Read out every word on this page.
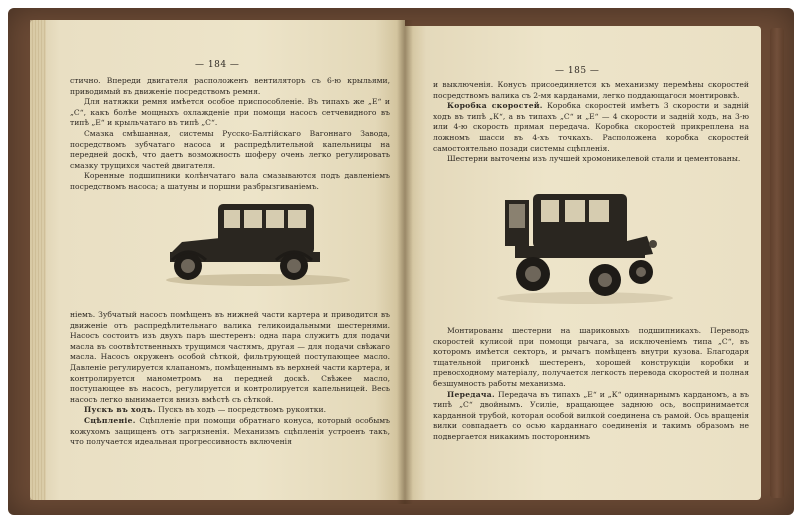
— 184 —

стично. Впереди двигателя расположенъ вентиляторъ съ 6-ю крыльями, приводимый въ движеніе посредствомъ ремня.

Для натяжки ремня имѣется особое приспособленіе. Въ типахъ же „Е“ и „С“, какъ болѣе мощныхъ охлажденіе при помощи насосъ сетчевидного въ типѣ „Е“ и крыльчатаго въ типѣ „С“.

Смазка смѣшанная, системы Русско-Балтійскаго Вагоннаго Завода, посредствомъ зубчатаго насоса и распредѣлительной капельницы на передней доскѣ, что даетъ возможность шоферу очень легко регулировать смазку трущихся частей двигателя.

Коренные подшипники колѣнчатаго вала смазываются подъ давленіемъ посредствомъ насоса; а шатуны и поршни разбрызгиваніемъ.

ніемъ. Зубчатый насосъ помѣщенъ въ нижней части картера и приводится въ движеніе отъ распредѣлительнаго валика геликоидальными шестернями. Насосъ состоитъ изъ двухъ паръ шестеренъ: одна пара служитъ для подачи масла въ соотвѣтственныхъ трущимся частямъ, другая — для подачи свѣжаго масла. Насосъ окруженъ особой сѣткой, фильтрующей поступающее масло. Давленіе регулируется клапаномъ, помѣщеннымъ въ верхней части картера, и контролируется манометромъ на передней доскѣ. Свѣжее масло, поступающее въ насосъ, регулируется и контролируется капельницей. Весь насосъ легко вынимается внизъ вмѣстѣ съ сѣткой.

Пускъ въ ходъ. Пускъ въ ходъ — посредствомъ рукоятки.

Сцѣпленіе. Сцѣпленіе при помощи обратнаго конуса, который особымъ кожухомъ защищенъ отъ загрязненія. Механизмъ сцѣпленія устроенъ такъ, что получается идеальная прогрессивность включенія

— 185 —

и выключенія. Конусъ присоединяется къ механизму перемѣны скоростей посредствомъ валика съ 2-мя карданами, легко поддающагося монтировкѣ.

Коробка скоростей. Коробка скоростей имѣетъ 3 скорости и заднiй ходъ въ типѣ „К“, а въ типахъ „С“ и „Е“ — 4 скорости и заднiй ходъ, на 3-ю или 4-ю скорость прямая передача. Коробка скоростей прикреплена на ложномъ шасси въ 4-хъ точкахъ. Расположена коробка скоростей самостоятельно позади системы сцѣпленія.

Шестерни выточены изъ лучшей хромоникелевой стали и цементованы.

Монтированы шестерни на шариковыхъ подшипникахъ. Переводъ скоростей кулисой при помощи рычага, за исключеніемъ типа „С“, въ которомъ имѣется секторъ, и рычагъ помѣщенъ внутри кузова. Благодаря тщательной пригонкѣ шестеренъ, хорошей конструкціи коробки и превосходному матеріалу, получается легкость перевода скоростей и полная безшумность работы механизма.

Передача. Передача въ типахъ „Е“ и „К“ одиннарнымъ карданомъ, а въ типѣ „С“ двойнымъ. Усиліе, вращающее заднюю ось, воспринимается карданной трубой, которая особой вилкой соединена съ рамой. Ось вращенія вилки совпадаетъ со осью карданнаго соединенія и такимъ образомъ не подвергается никакимъ постороннимъ
